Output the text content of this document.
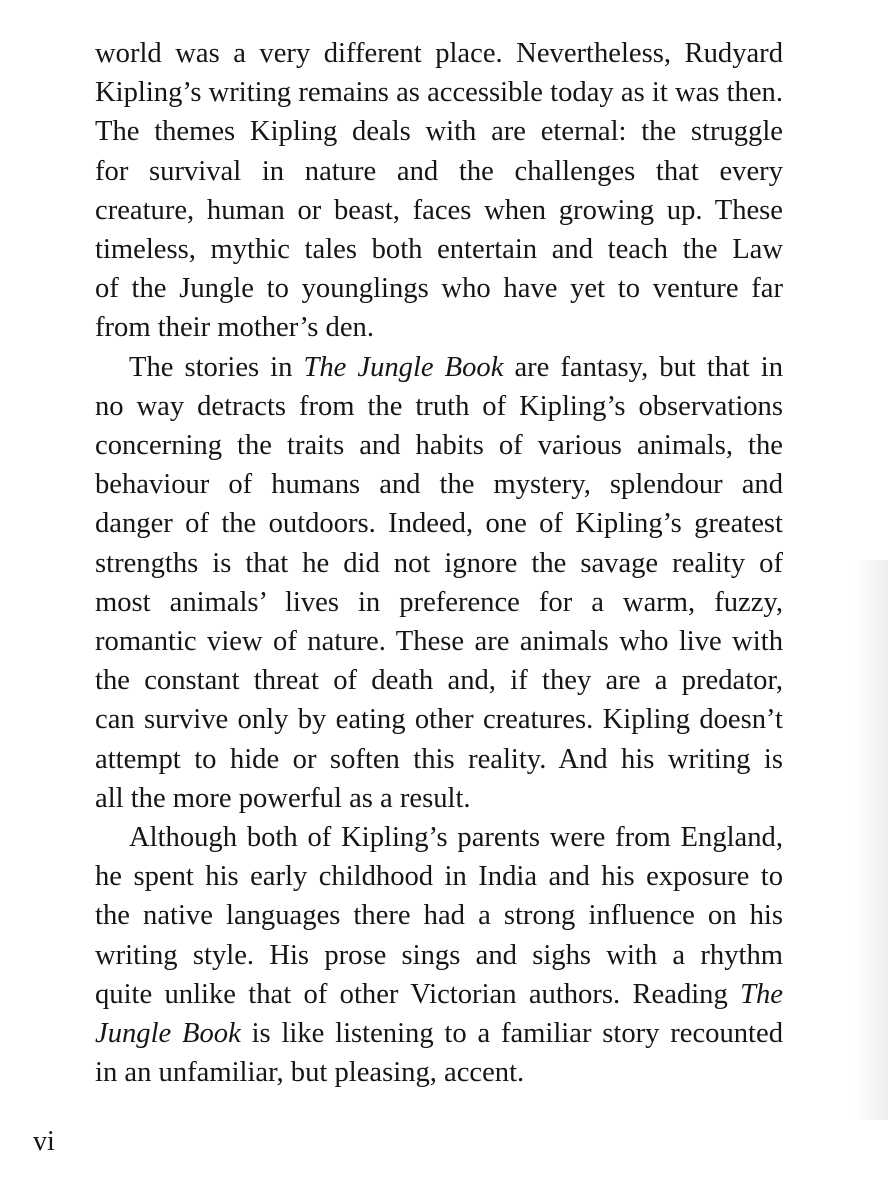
world was a very different place. Nevertheless, Rudyard
Kipling’s writing remains as accessible today as it was then.
The themes Kipling deals with are eternal: the struggle
for survival in nature and the challenges that every
creature, human or beast, faces when growing up. These
timeless, mythic tales both entertain and teach the Law
of the Jungle to younglings who have yet to venture far
from their mother’s den.

The stories in The Jungle Book are fantasy, but that in
no way detracts from the truth of Kipling’s observations
concerning the traits and habits of various animals, the
behaviour of humans and the mystery, splendour and
danger of the outdoors. Indeed, one of Kipling’s greatest
strengths is that he did not ignore the savage reality of
most animals’ lives in preference for a warm, fuzzy,
romantic view of nature. These are animals who live with
the constant threat of death and, if they are a predator,
can survive only by eating other creatures. Kipling doesn’t
attempt to hide or soften this reality. And his writing is
all the more powerful as a result.

Although both of Kipling’s parents were from England,
he spent his early childhood in India and his exposure to
the native languages there had a strong influence on his
writing style. His prose sings and sighs with a rhythm
quite unlike that of other Victorian authors. Reading The
Jungle Book is like listening to a familiar story recounted
in an unfamiliar, but pleasing, accent.

vi
